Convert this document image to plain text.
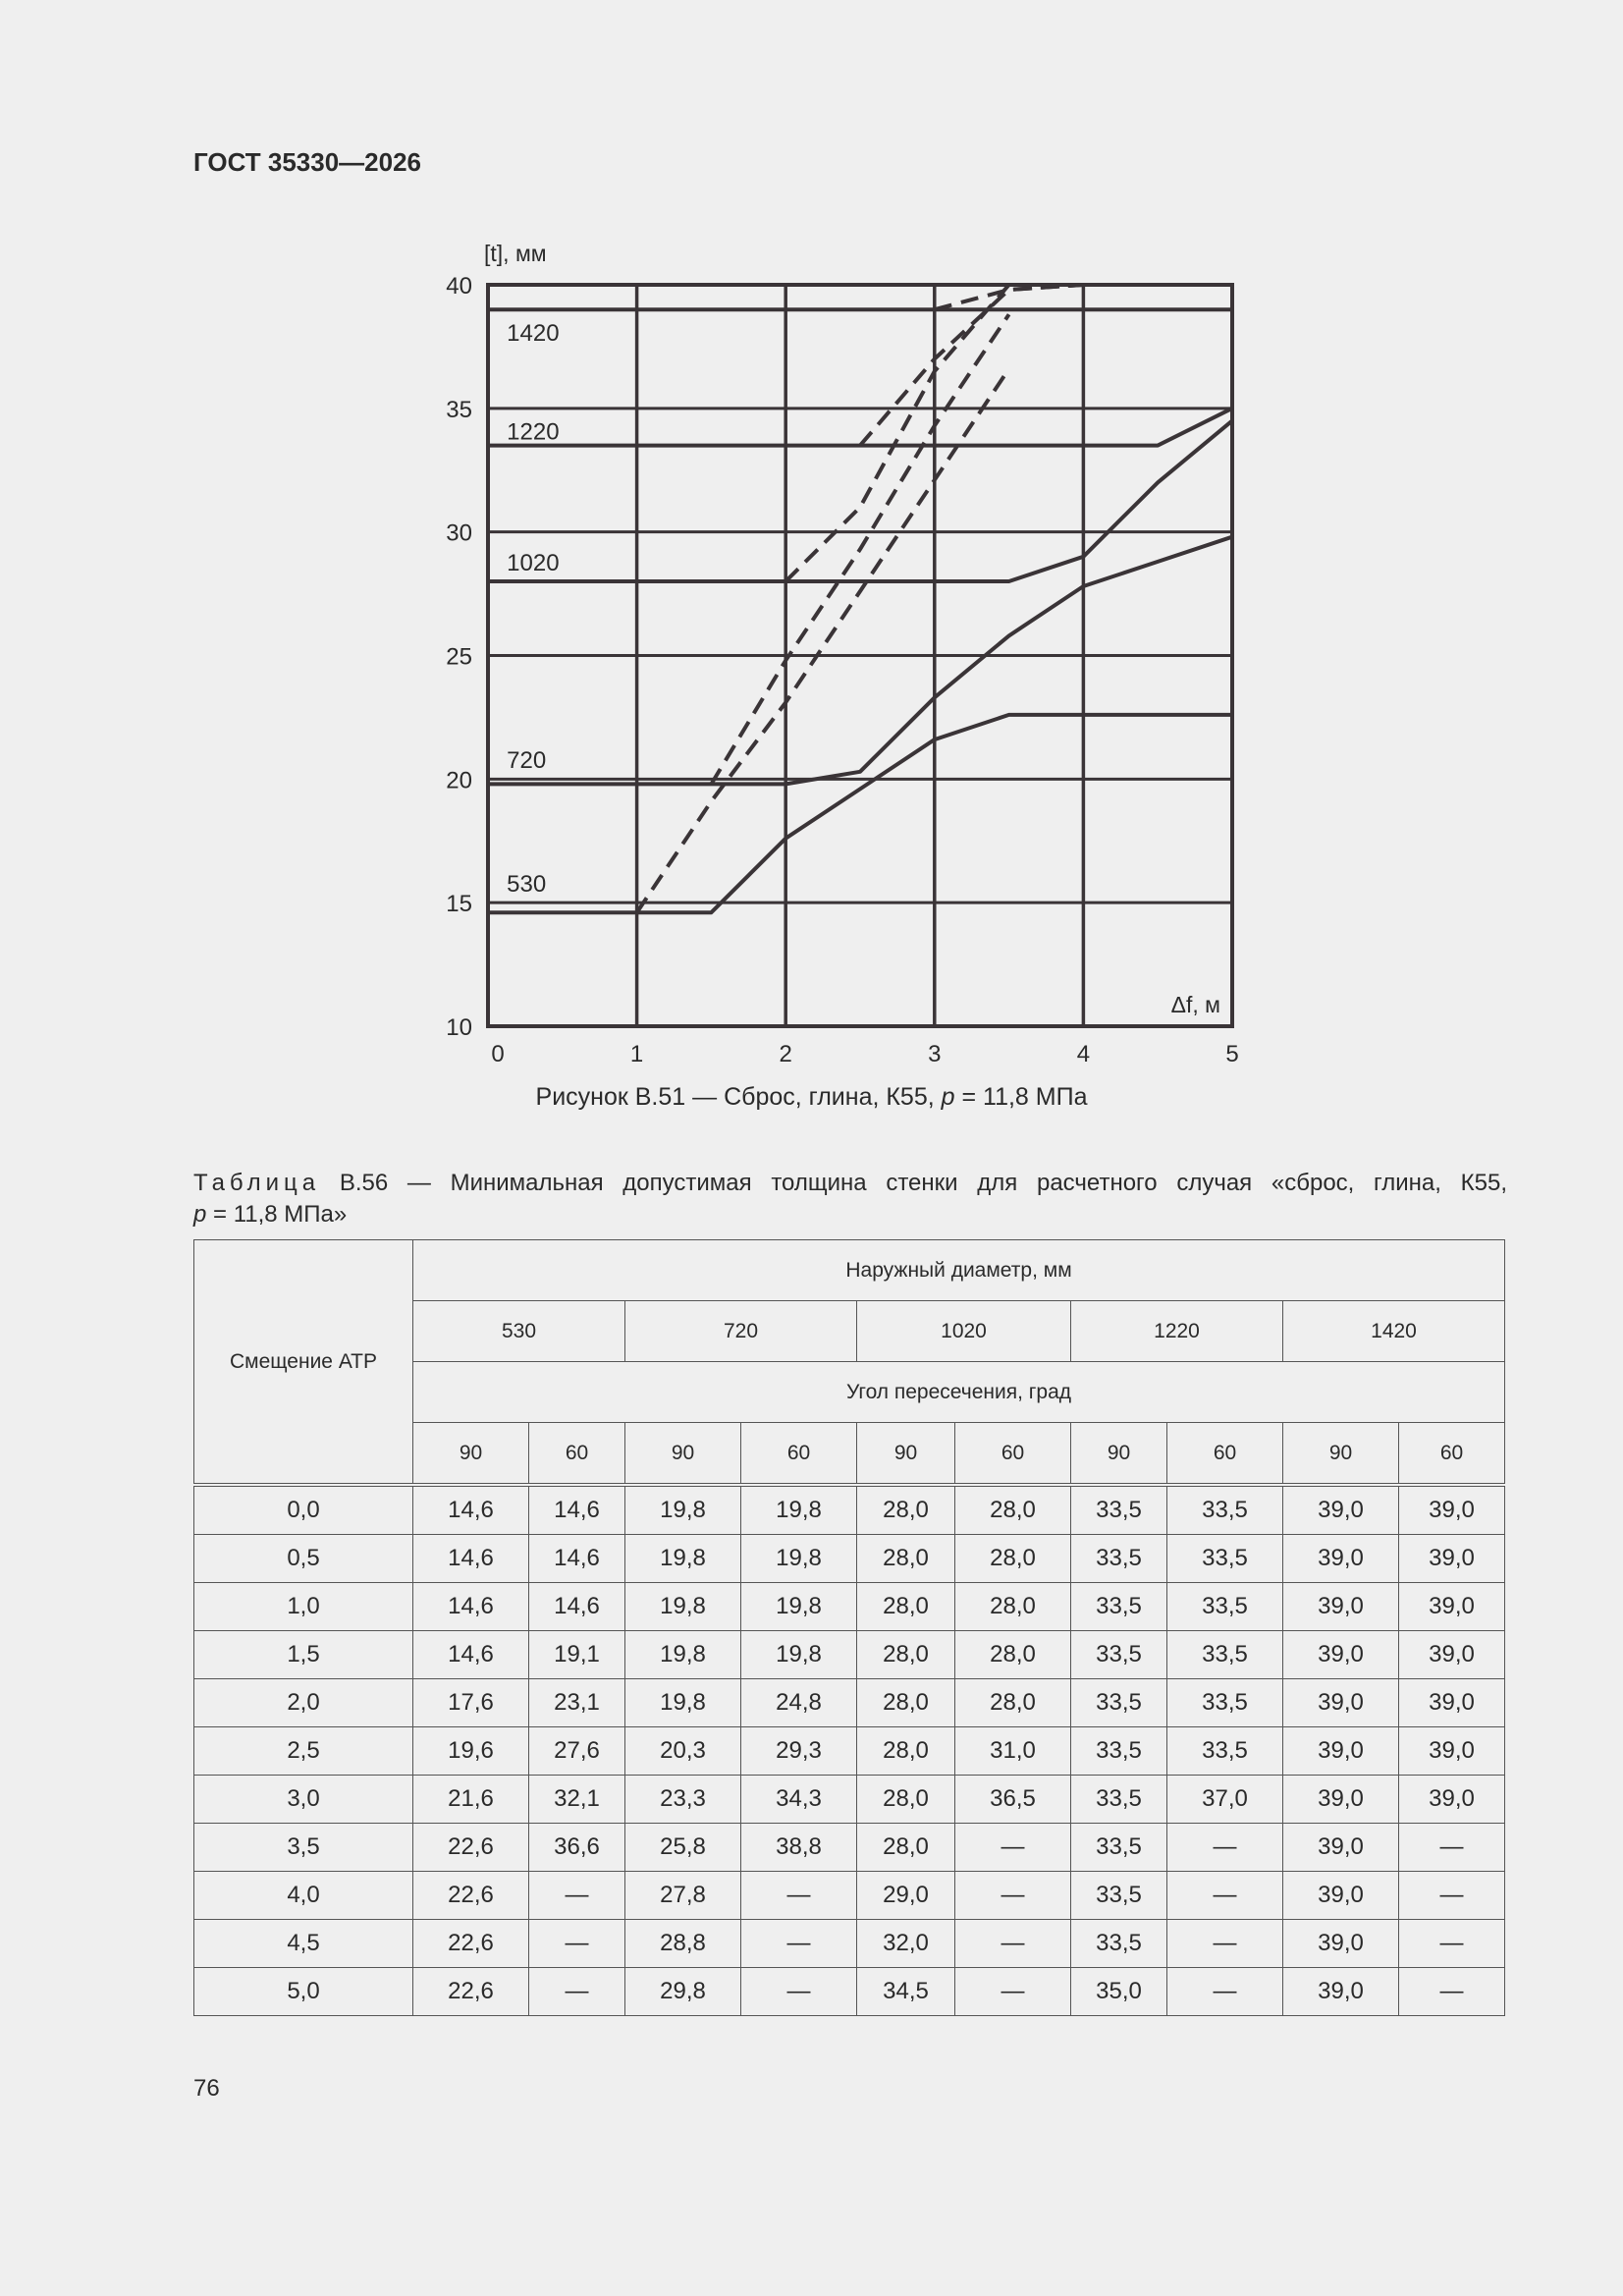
ГОСТ 35330—2026
0	1	2	3	4	5
10
15
20
25
30
35
40
[t], мм
Δf, м
1420
1220
1020
720
530
Рисунок В.51 — Сброс, глина, К55, p = 11,8 МПа
Таблица В.56 — Минимальная допустимая толщина стенки для расчетного случая «сброс, глина, К55,
p = 11,8 МПа»
Смещение АТР	Наружный диаметр, мм									
	530		720		1020		1220		1420	
	Угол пересечения, град									
	90	60	90	60	90	60	90	60	90	60
0,0	14,6	14,6	19,8	19,8	28,0	28,0	33,5	33,5	39,0	39,0
0,5	14,6	14,6	19,8	19,8	28,0	28,0	33,5	33,5	39,0	39,0
1,0	14,6	14,6	19,8	19,8	28,0	28,0	33,5	33,5	39,0	39,0
1,5	14,6	19,1	19,8	19,8	28,0	28,0	33,5	33,5	39,0	39,0
2,0	17,6	23,1	19,8	24,8	28,0	28,0	33,5	33,5	39,0	39,0
2,5	19,6	27,6	20,3	29,3	28,0	31,0	33,5	33,5	39,0	39,0
3,0	21,6	32,1	23,3	34,3	28,0	36,5	33,5	37,0	39,0	39,0
3,5	22,6	36,6	25,8	38,8	28,0	—	33,5	—	39,0	—
4,0	22,6	—	27,8	—	29,0	—	33,5	—	39,0	—
4,5	22,6	—	28,8	—	32,0	—	33,5	—	39,0	—
5,0	22,6	—	29,8	—	34,5	—	35,0	—	39,0	—
76
